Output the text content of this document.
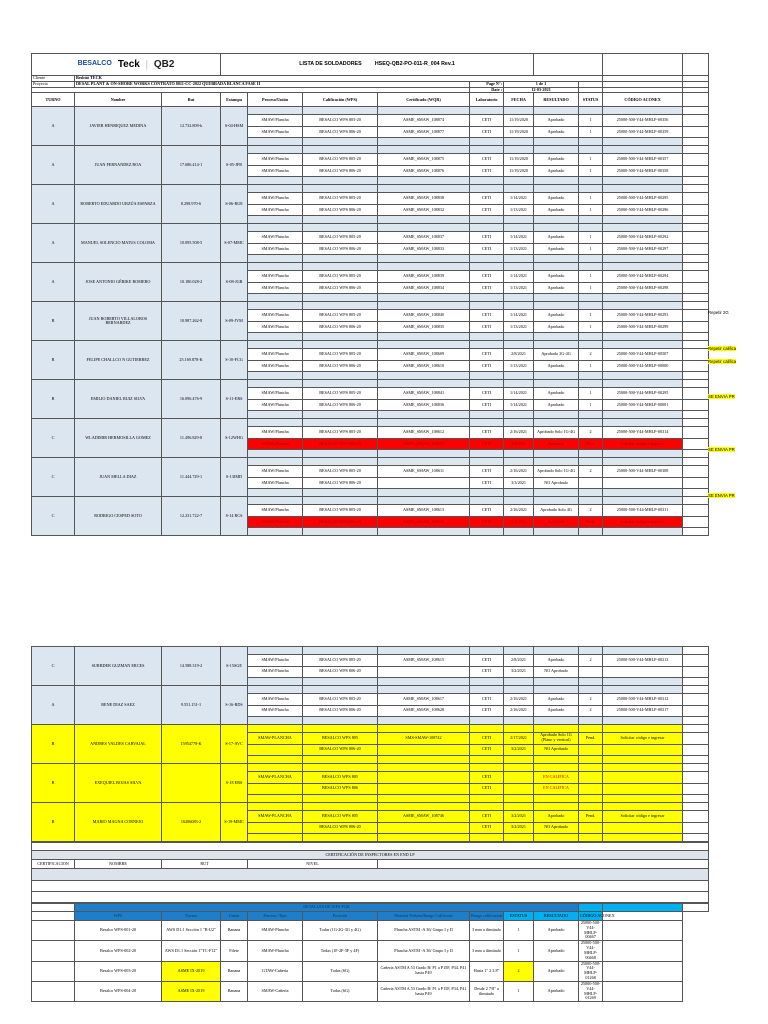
BESALCO Teck | QB2			LISTA DE SOLDADORES HSEQ-QB2-PO-011-R_004 Rev.1									
Cliente	Besbüö TECK											
Proyecto	DESAL PLANT & ON-SHORE WORKS CONTRATO 8011-CC-2022 QUEBRADA BLANCA FASE II						Page N°:	1 de 1				
							Date :	12-03-2021				
TURNO	Nombre	Rut	Estampa	Proceso/Unión	Calificación (WPS)	Certificado (WQR)	Laboratorio	FECHA	RESULTADO	STATUS	CÓDIGO ACONEX	
A	JAVIER HENRIQUEZ MEDINA	12.732.809-k	S-04-HSM									
				SMAW/Plancha	BESALCO WPS 805-20	ASME_SMAW_108874	CETI	11/19/2020	Aprobado	1	25000-500-V44-MHLP-00356	
				SMAW/Plancha	BESALCO WPS 806-20	ASME_SMAW_108877	CETI	11/19/2020	Aprobado	1	25000-500-V44-MHLP-00359	

A	JUAN FERNANDEZ ROA	17.686.414-1	S-05-JFR									
				SMAW/Plancha	BESALCO WPS 805-20	ASME_SMAW_108875	CETI	11/19/2020	Aprobado	1	25000-500-V44-MHLP-00357	
				SMAW/Plancha	BESALCO WPS 806-20	ASME_SMAW_108876	CETI	11/19/2020	Aprobado	1	25000-500-V44-MHLP-00358	

A	ROBERTO EDUARDO URZÚA ESPARZA	8.298.970-6	S-06-RUE									
				SMAW/Plancha	BESALCO WPS 805-20	ASME_SMAW_108838	CETI	1/14/2021	Aprobado	1	25000-500-V44-MHLP-00295	
				SMAW/Plancha	BESALCO WPS 806-20	ASME_SMAW_108832	CETI	1/13/2021	Aprobado	1	25000-500-V44-MHLP-00296	

A	MANUEL SOLENCIO MATUS COLOMA	10.095.508-5	S-07-MMC									
				SMAW/Plancha	BESALCO WPS 805-20	ASME_SMAW_108837	CETI	1/14/2021	Aprobado	1	25000-500-V44-MHLP-00292	
				SMAW/Plancha	BESALCO WPS 806-20	ASME_SMAW_108833	CETI	1/13/2021	Aprobado	1	25000-500-V44-MHLP-00297	

A	JOSE ANTONIO GÉRIKE ROMERO	10.180.028-2	S-08-JGR									
				SMAW/Plancha	BESALCO WPS 805-20	ASME_SMAW_108839	CETI	1/14/2021	Aprobado	1	25000-500-V44-MHLP-00294	
				SMAW/Plancha	BESALCO WPS 806-20	ASME_SMAW_108834	CETI	1/13/2021	Aprobado	1	25000-500-V44-MHLP-00298	

B	JUAN ROBERTO VILLALOBOS BERNARDEZ	10.987.262-8	S-09-JVM									
				SMAW/Plancha	BESALCO WPS 805-20	ASME_SMAW_108840	CETI	1/14/2021	Aprobado	1	25000-500-V44-MHLP-00293	
				SMAW/Plancha	BESALCO WPS 806-20	ASME_SMAW_108835	CETI	1/13/2021	Aprobado	1	25000-500-V44-MHLP-00299	

B	FELIPE CHALLCO N GUTIERREZ	25.169.878-K	S-10-FCG									
				SMAW/Plancha	BESALCO WPS 805-20	ASME_SMAW_108609	CETI	2/8/2021	Aprobado 3G-4G	2	25000-500-V44-MHLP-00507	
				SMAW/Plancha	BESALCO WPS 806-20	ASME_SMAW_108610	CETI	1/13/2021	Aprobado	1	25000-500-V44-MHLP-00000	

B	EMILIO DANIEL RUIZ SILVA	16.096.476-9	S-11-ERS									
				SMAW/Plancha	BESALCO WPS 805-20	ASME_SMAW_108841	CETI	1/14/2021	Aprobado	1	25000-500-V44-MHLP-00295	
				SMAW/Plancha	BESALCO WPS 806-20	ASME_SMAW_108836	CETI	1/14/2021	Aprobado	1	25000-500-V44-MHLP-00001	

C	WLADIMIR HERMOSILLA GOMEZ	11.496.829-8	S-12WHG									
				SMAW/Plancha	BESALCO WPS 805-20	ASME_SMAW_108612	CETI	2/16/2021	Aprobado Solo 1G-4G	2	25000-500-V44-MHLP-00314	
				SMAW/Plancha	BESALCO WPS 806-20	ASME_SMAW_108631	CETI	3/3/2021	Aprobado	Pend.	Solicitar código e ingresar	

C	JUAN MELLA DIAZ	11.444.729-1	S-13JMD									
				SMAW/Plancha	BESALCO WPS 805-20	ASME_SMAW_108611	CETI	2/16/2021	Aprobado Solo 1G-4G	2	25000-500-V44-MHLP-00308	
				SMAW/Plancha	BESALCO WPS 806-20		CETI	3/3/2021	NO Aprobado			

C	RODRIGO CESPED SOTO	12.231.722-7	S-14 RCS									
				SMAW/Plancha	BESALCO WPS 805-20	ASME_SMAW_108613	CETI	2/16/2021	Aprobado Solo 4G	2	25000-500-V44-MHLP-00311	
				SMAW/Plancha	BESALCO WPS 806-20	ASME_SMAW_108636	CETI	3/3/2021	Aprobado	Pend.	Solicitar código e ingresar	

Repetir 2G
Repetir califica
Repetir califica
SE ENVIA PR
SE ENVIA PR
SE ENVIA PR
C	SURBDER GUZMAN ERCES	14.588.319-2	S-15SGE									
				SMAW/Plancha	BESALCO WPS 805-20	ASME_SMAW_108615	CETI	2/8/2021	Aprobado	2	25000-500-V44-MHLP-00313	
				SMAW/Plancha	BESALCO WPS 806-20		CETI	3/2/2021	NO Aprobado			

A	RENE DIAZ SAEZ	9.551.151-1	S-16-RDS									
				SMAW/Plancha	BESALCO WPS 805-20	ASME_SMAW_108617	CETI	2/16/2021	Aprobado	2	25000-500-V44-MHLP-00312	
				SMAW/Plancha	BESALCO WPS 806-20	ASME_SMAW_108628	CETI	2/16/2021	Aprobado	2	25000-500-V44-MHLP-00317	

B	ANDRES VALDES CARVAJAL	15954778-K	S-17-AVC									
				SMAW-PLANCHA	BESALCO WPS 805	SMS-SMAW-108742	CETI	2/17/2021	Aprobado Solo 1G (Plano y vertical)	Pend.	Solicitar código e ingresar	
					BESALCO WPS 806-20		CETI	3/2/2021	NO Aprobado			

B	EXEQUIEL ROJAS SILVA		S-18 ERS									
				SMAW-PLANCHA	BESALCO WPS 805		CETI		EN CALIFICA			
					BESALCO WPS 806		CETI		EN CALIFICA			

B	MARIO MAGNA CORNEJO	16206083-2	S-19-MMC									
				SMAW-PLANCHA	BESALCO WPS 805	ASME_SMAW_108746	CETI	3/2/2021	Aprobado	Pend.	Solicitar código e ingresar	
					BESALCO WPS 806-20		CETI	3/2/2021	NO Aprobado			

CERTIFICACIÓN DE INSPECTORES EN END LP
CERTIFICACION	NOMBRE	RUT	NIVEL	

	DETALLES DE WPS-PQR											
	WPS	Norma	Unión	Proceso /Tipo	Posición	Material Probeta/Rango Calificado	Rango calificación	ESTATUS	RESULTADO	CÓDIGO ACONEX		
	Besalco WPS-001-20	AWS D1.1 Sección 1 "B-U2"	Banana	SMAW-Plancha	Todas (1G-2G-3G y 4G)	Plancha ASTM -A 36/ Grupo I y II	3 mm a ilimitado	1	Aprobado	25000-500-V44-MHLP-00467		
	Besalco WPS-002-20	AWS D1.1 Sección 1"TC-F12"	Filete	SMAW-Plancha	Todas (1F-2F-3F y 4F)	Plancha ASTM -A 36/ Grupo I y II	3 mm a ilimitado	1	Aprobado	25000-500-V44-MHLP-00468		
	Besalco WPS-003-20	ASME IX-2019	Banana	GTAW-Cañería	Todas (6G)	Cañería ASTM A 53 Grado B/ P1 a P15F, P34, P41 hasta P49	Hasta 1" 2.3.8"	2	Aprobado	25000-500-V44-MHLP-01268		
	Besalco WPS-004-20	ASME IX-2019	Banana	SMAW-Cañería	Todas (6G)	Cañería ASTM A 53 Grado B/ P1 a P15F, P34, P41 hasta P49	Desde 2 7/8" a ilimitado	1	Aprobado	25000-500-V44-MHLP-01269		
